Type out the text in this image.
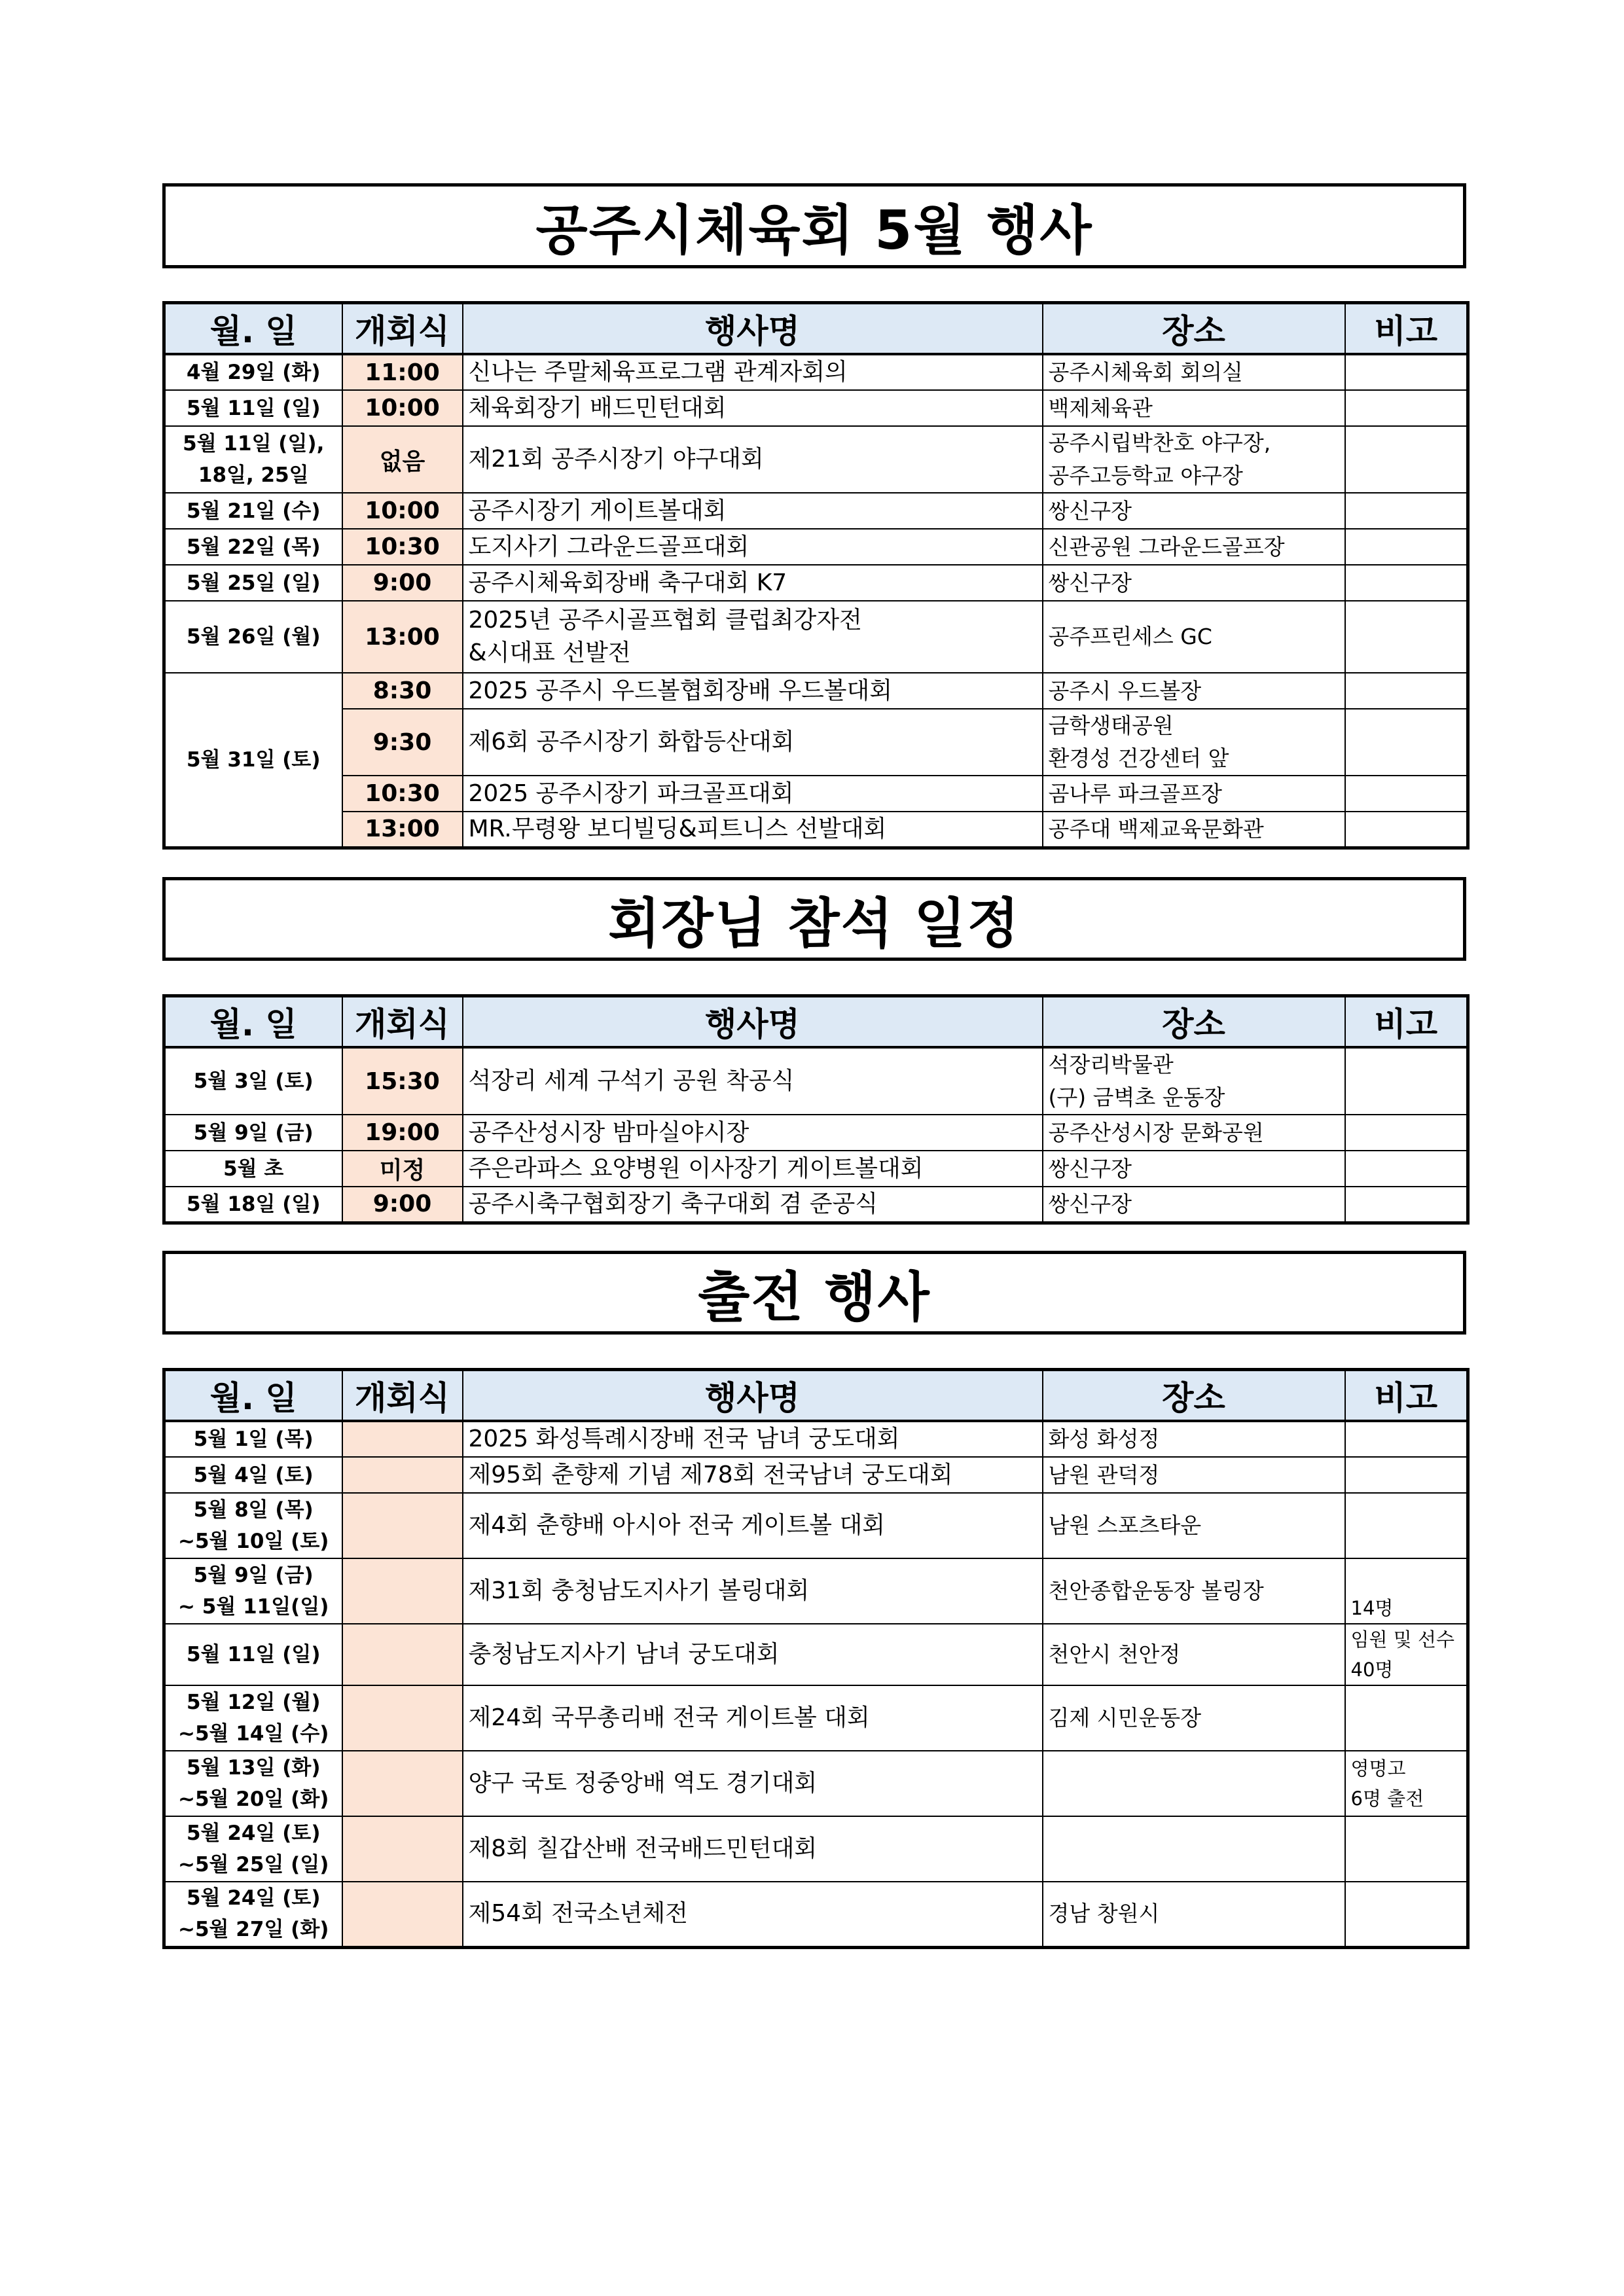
공주시체육회 5월 행사
월. 일	개회식	행사명	장소	비고
4월 29일 (화)	11:00	신나는 주말체육프로그램 관계자회의	공주시체육회 회의실	
5월 11일 (일)	10:00	체육회장기 배드민턴대회	백제체육관	
5월 11일 (일),
18일, 25일	없음	제21회 공주시장기 야구대회	공주시립박찬호 야구장,
공주고등학교 야구장	
5월 21일 (수)	10:00	공주시장기 게이트볼대회	쌍신구장	
5월 22일 (목)	10:30	도지사기 그라운드골프대회	신관공원 그라운드골프장	
5월 25일 (일)	9:00	공주시체육회장배 축구대회 K7	쌍신구장	
5월 26일 (월)	13:00	2025년 공주시골프협회 클럽최강자전
&시대표 선발전	공주프린세스 GC	
5월 31일 (토)	8:30	2025 공주시 우드볼협회장배 우드볼대회	공주시 우드볼장	
	9:30	제6회 공주시장기 화합등산대회	금학생태공원
환경성 건강센터 앞	
	10:30	2025 공주시장기 파크골프대회	곰나루 파크골프장	
	13:00	MR.무령왕 보디빌딩&피트니스 선발대회	공주대 백제교육문화관	
회장님 참석 일정
월. 일	개회식	행사명	장소	비고
5월 3일 (토)	15:30	석장리 세계 구석기 공원 착공식	석장리박물관
(구) 금벽초 운동장	
5월 9일 (금)	19:00	공주산성시장 밤마실야시장	공주산성시장 문화공원	
5월 초	미정	주은라파스 요양병원 이사장기 게이트볼대회	쌍신구장	
5월 18일 (일)	9:00	공주시축구협회장기 축구대회 겸 준공식	쌍신구장	
출전 행사
월. 일	개회식	행사명	장소	비고
5월 1일 (목)		2025 화성특례시장배 전국 남녀 궁도대회	화성 화성정	
5월 4일 (토)		제95회 춘향제 기념 제78회 전국남녀 궁도대회	남원 관덕정	
5월 8일 (목)
~5월 10일 (토)		제4회 춘향배 아시아 전국 게이트볼 대회	남원 스포츠타운	
5월 9일 (금)
~ 5월 11일(일)		제31회 충청남도지사기 볼링대회	천안종합운동장 볼링장	14명
5월 11일 (일)		충청남도지사기 남녀 궁도대회	천안시 천안정	임원 및 선수
40명
5월 12일 (월)
~5월 14일 (수)		제24회 국무총리배 전국 게이트볼 대회	김제 시민운동장	
5월 13일 (화)
~5월 20일 (화)		양구 국토 정중앙배 역도 경기대회		영명고
6명 출전
5월 24일 (토)
~5월 25일 (일)		제8회 칠갑산배 전국배드민턴대회		
5월 24일 (토)
~5월 27일 (화)		제54회 전국소년체전	경남 창원시	
